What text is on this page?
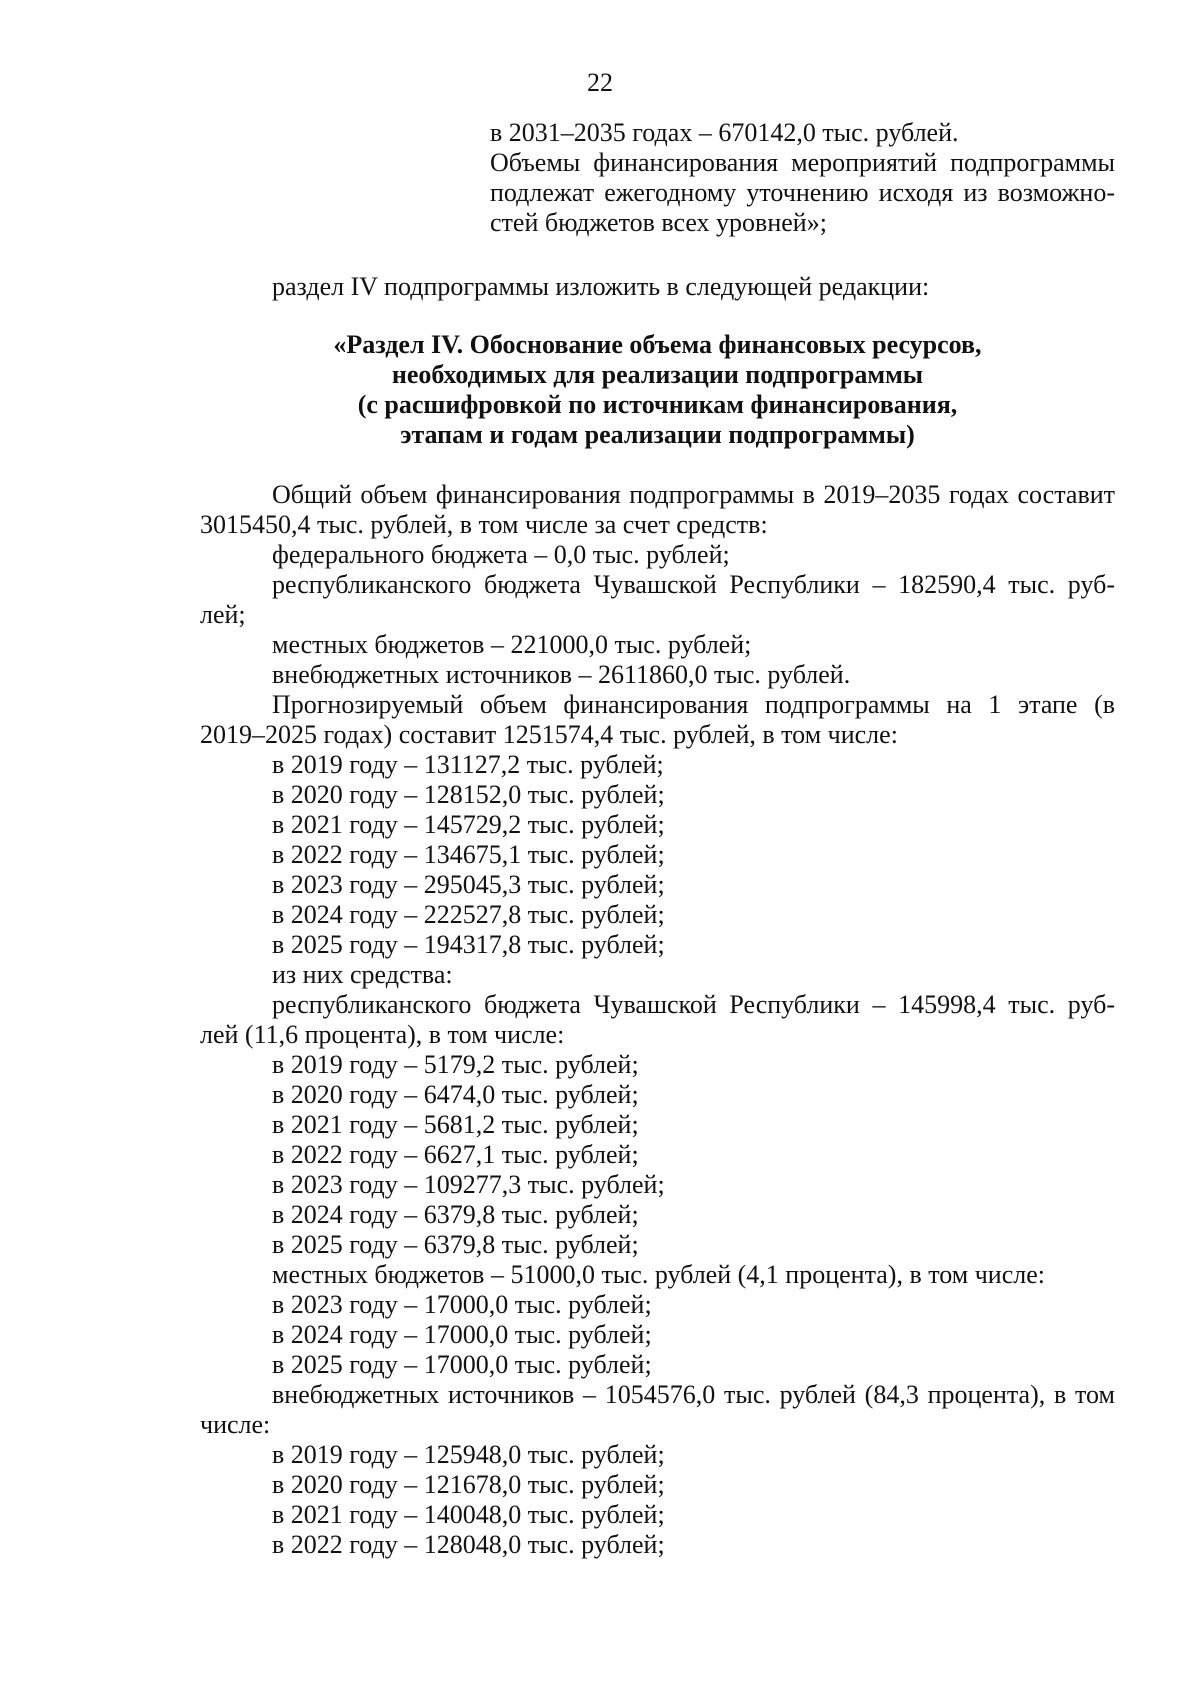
22
в 2031–2035 годах – 670142,0 тыс. рублей.
Объемы финансирования мероприятий подпрограммы
подлежат ежегодному уточнению исходя из возможно-
стей бюджетов всех уровней»;
раздел IV подпрограммы изложить в следующей редакции:
«Раздел IV. Обоснование объема финансовых ресурсов,
необходимых для реализации подпрограммы
(с расшифровкой по источникам финансирования,
этапам и годам реализации подпрограммы)
Общий объем финансирования подпрограммы в 2019–2035 годах составит
3015450,4 тыс. рублей, в том числе за счет средств:
федерального бюджета – 0,0 тыс. рублей;
республиканского бюджета Чувашской Республики – 182590,4 тыс. руб-
лей;
местных бюджетов – 221000,0 тыс. рублей;
внебюджетных источников – 2611860,0 тыс. рублей.
Прогнозируемый объем финансирования подпрограммы на 1 этапе (в
2019–2025 годах) составит 1251574,4 тыс. рублей, в том числе:
в 2019 году – 131127,2 тыс. рублей;
в 2020 году – 128152,0 тыс. рублей;
в 2021 году – 145729,2 тыс. рублей;
в 2022 году – 134675,1 тыс. рублей;
в 2023 году – 295045,3 тыс. рублей;
в 2024 году – 222527,8 тыс. рублей;
в 2025 году – 194317,8 тыс. рублей;
из них средства:
республиканского бюджета Чувашской Республики – 145998,4 тыс. руб-
лей (11,6 процента), в том числе:
в 2019 году – 5179,2 тыс. рублей;
в 2020 году – 6474,0 тыс. рублей;
в 2021 году – 5681,2 тыс. рублей;
в 2022 году – 6627,1 тыс. рублей;
в 2023 году – 109277,3 тыс. рублей;
в 2024 году – 6379,8 тыс. рублей;
в 2025 году – 6379,8 тыс. рублей;
местных бюджетов – 51000,0 тыс. рублей (4,1 процента), в том числе:
в 2023 году – 17000,0 тыс. рублей;
в 2024 году – 17000,0 тыс. рублей;
в 2025 году – 17000,0 тыс. рублей;
внебюджетных источников – 1054576,0 тыс. рублей (84,3 процента), в том
числе:
в 2019 году – 125948,0 тыс. рублей;
в 2020 году – 121678,0 тыс. рублей;
в 2021 году – 140048,0 тыс. рублей;
в 2022 году – 128048,0 тыс. рублей;
